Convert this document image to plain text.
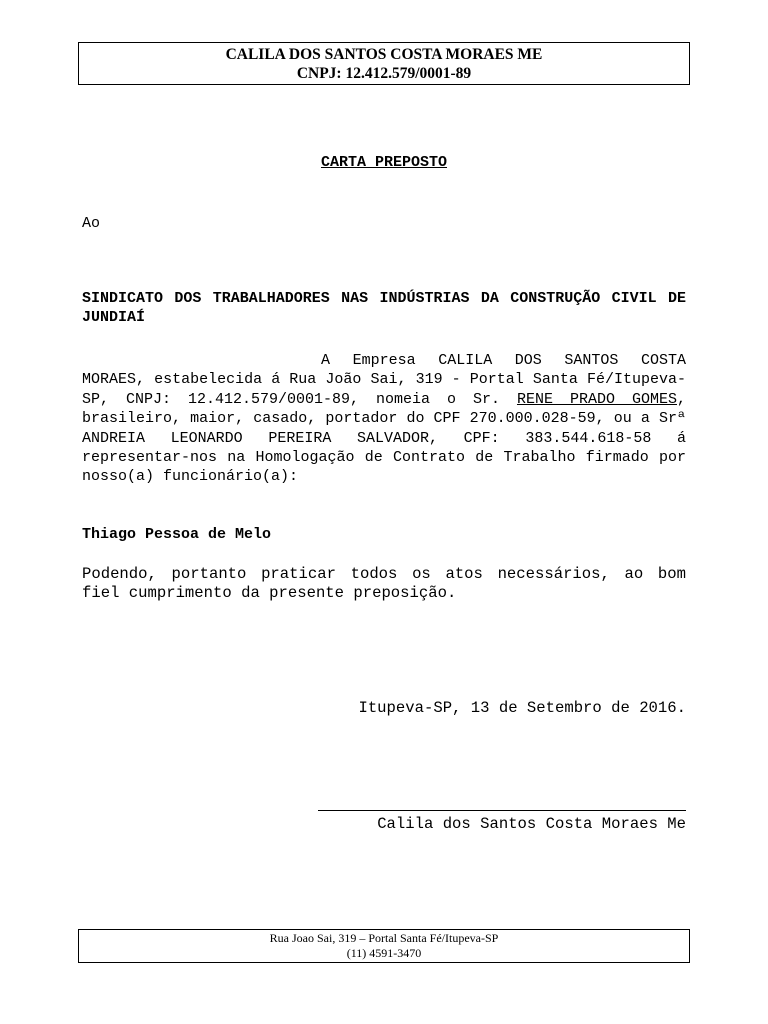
CALILA DOS SANTOS COSTA MORAES ME
CNPJ: 12.412.579/0001-89
CARTA PREPOSTO
Ao
SINDICATO DOS TRABALHADORES NAS INDÚSTRIAS DA CONSTRUÇÃO CIVIL DE JUNDIAÍ
A Empresa CALILA DOS SANTOS COSTA MORAES, estabelecida á Rua João Sai, 319 - Portal Santa Fé/Itupeva-SP, CNPJ: 12.412.579/0001-89, nomeia o Sr. RENE PRADO GOMES, brasileiro, maior, casado, portador do CPF 270.000.028-59, ou a Srª ANDREIA LEONARDO PEREIRA SALVADOR, CPF: 383.544.618-58 á representar-nos na Homologação de Contrato de Trabalho firmado por nosso(a) funcionário(a):
Thiago Pessoa de Melo
Podendo, portanto praticar todos os atos necessários, ao bom fiel cumprimento da presente preposição.
Itupeva-SP, 13 de Setembro de 2016.
Calila dos Santos Costa Moraes Me
Rua Joao Sai, 319 – Portal Santa Fé/Itupeva-SP
(11) 4591-3470
